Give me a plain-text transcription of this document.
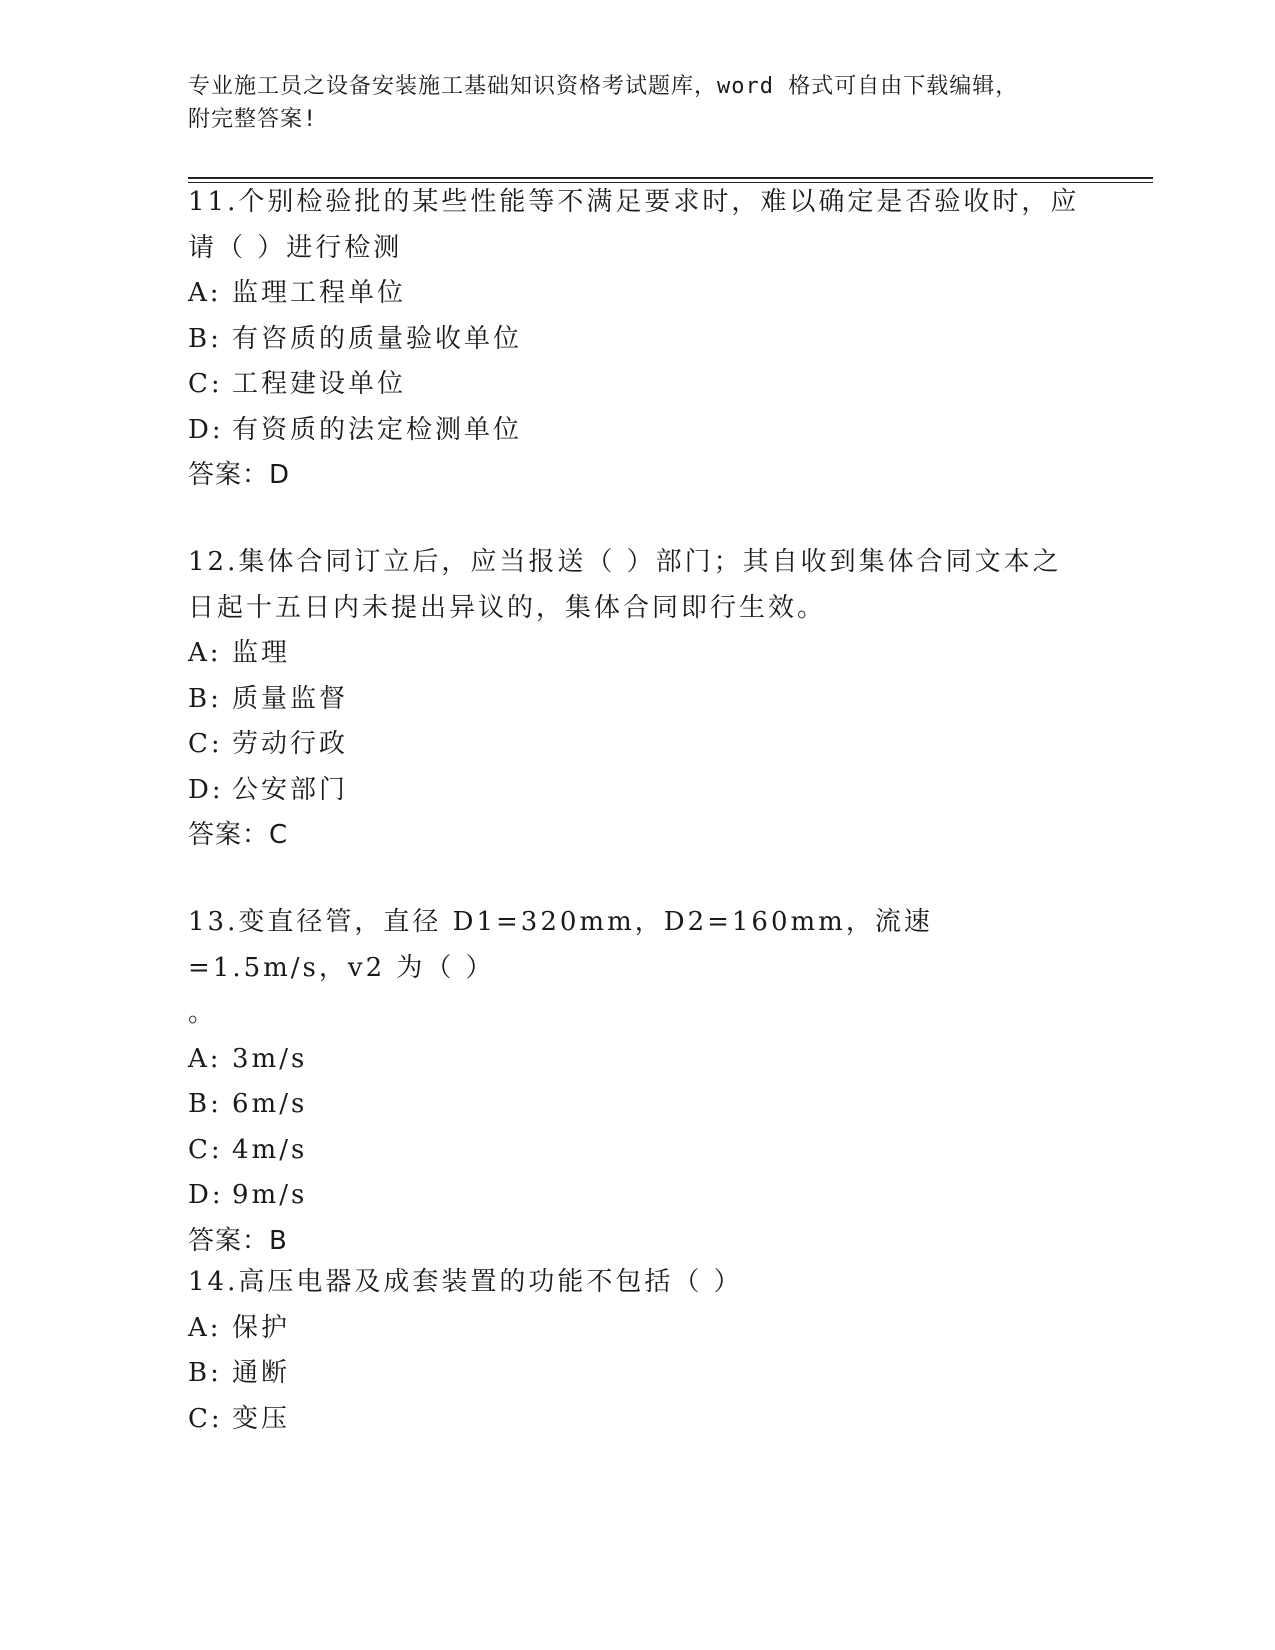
专业施工员之设备安装施工基础知识资格考试题库，word 格式可自由下载编辑，
附完整答案!

11.个别检验批的某些性能等不满足要求时，难以确定是否验收时，应

请（ ）进行检测

A: 监理工程单位

B: 有咨质的质量验收单位

C: 工程建设单位

D: 有资质的法定检测单位

答案：D

12.集体合同订立后，应当报送（ ）部门；其自收到集体合同文本之

日起十五日内未提出异议的，集体合同即行生效。

A: 监理

B: 质量监督

C: 劳动行政

D: 公安部门

答案：C

13.变直径管，直径 D1=320mm，D2=160mm，流速=1.5m/s，v2 为（ ）

。

A: 3m/s

B: 6m/s

C: 4m/s

D: 9m/s

答案：B

14.高压电器及成套装置的功能不包括（ ）

A: 保护

B: 通断

C: 变压
